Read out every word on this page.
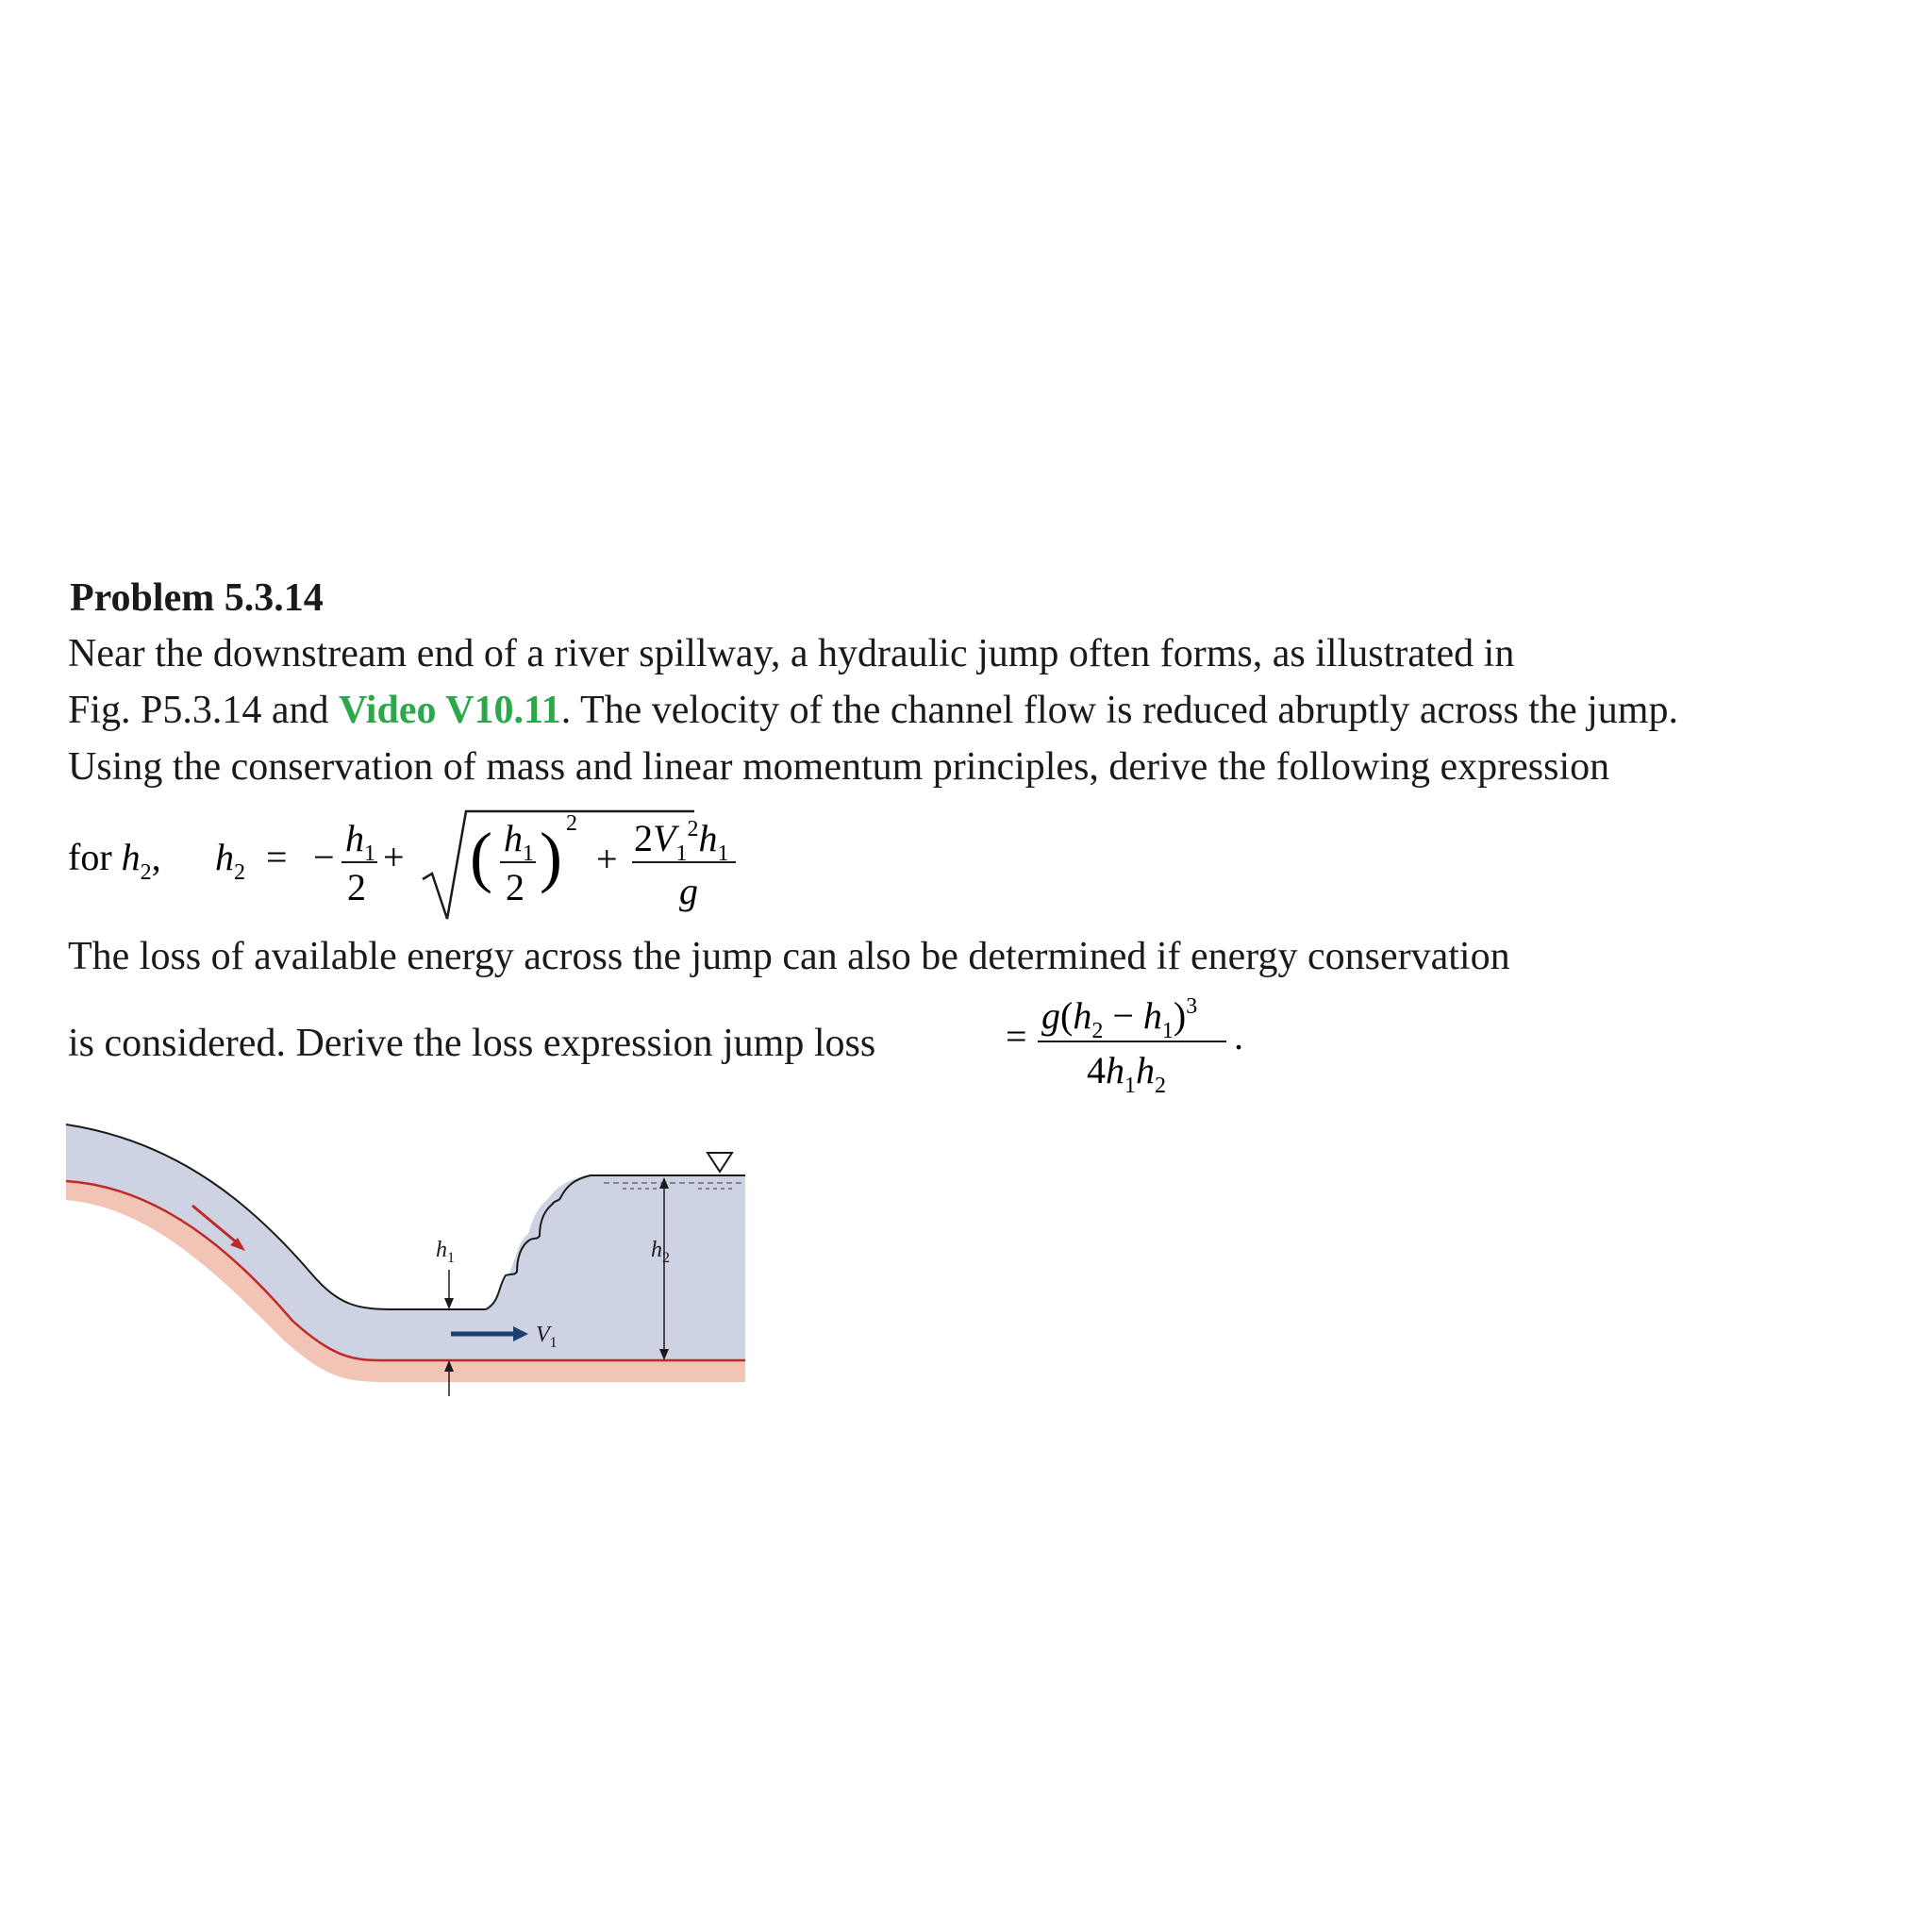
Problem 5.3.14
Near the downstream end of a river spillway, a hydraulic jump often forms, as illustrated in
Fig. P5.3.14 and Video V10.11. The velocity of the channel flow is reduced abruptly across the jump.
Using the conservation of mass and linear momentum principles, derive the following expression
for $h_2$, $h_2$ = − $h_1$
2
+ ( $h_1$
2 ) 2
+ $2V_1^2h_1$
g
The loss of available energy across the jump can also be determined if energy conservation
is considered. Derive the loss expression jump loss	= $g(h_2 - h_1)^3$
$4h_1h_2$
.
$h_1$
$V_1$
$h_2$
